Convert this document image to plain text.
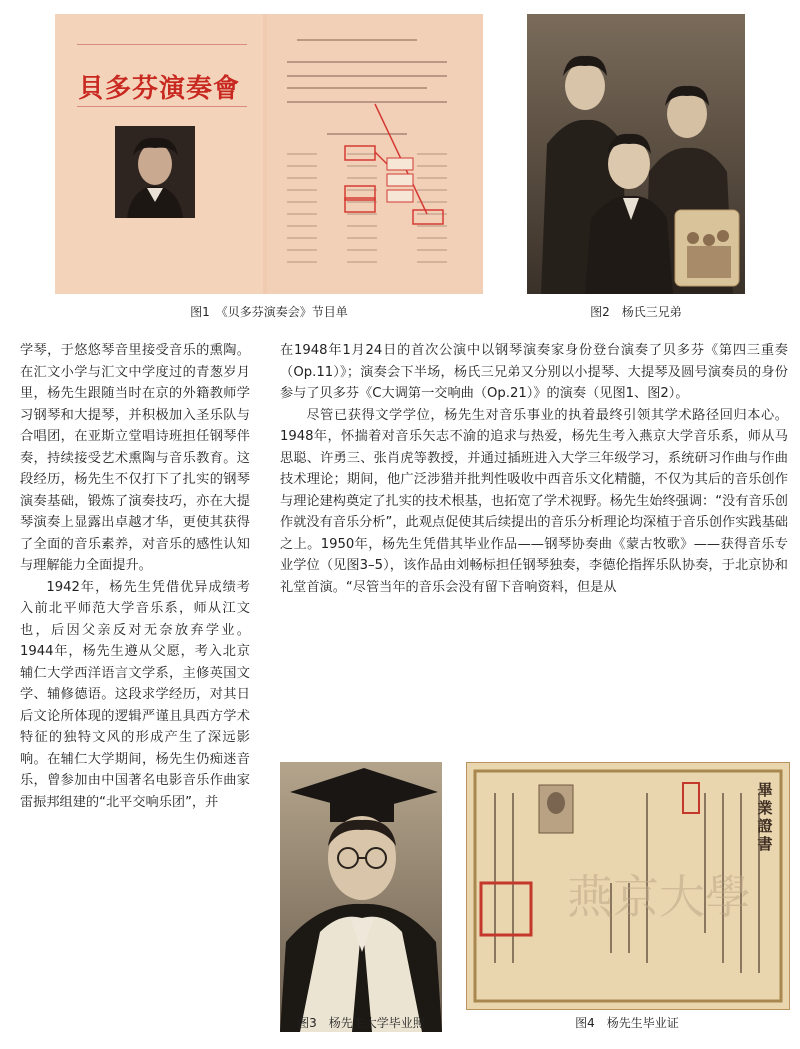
貝多芬演奏會
图1　《贝多芬演奏会》节目单	图2　杨氏三兄弟

学琴，于悠悠琴音里接受音乐的熏陶。在汇文小学与汇文中学度过的青葱岁月里，杨先生跟随当时在京的外籍教师学习钢琴和大提琴，并积极加入圣乐队与合唱团，在亚斯立堂唱诗班担任钢琴伴奏，持续接受艺术熏陶与音乐教育。这段经历，杨先生不仅打下了扎实的钢琴演奏基础，锻炼了演奏技巧，亦在大提琴演奏上显露出卓越才华，更使其获得了全面的音乐素养，对音乐的感性认知与理解能力全面提升。

1942年，杨先生凭借优异成绩考入前北平师范大学音乐系，师从江文也，后因父亲反对无奈放弃学业。1944年，杨先生遵从父愿，考入北京辅仁大学西洋语言文学系，主修英国文学、辅修德语。这段求学经历，对其日后文论所体现的逻辑严谨且具西方学术特征的独特文风的形成产生了深远影响。在辅仁大学期间，杨先生仍痴迷音乐，曾参加由中国著名电影音乐作曲家雷振邦组建的“北平交响乐团”，并

在1948年1月24日的首次公演中以钢琴演奏家身份登台演奏了贝多芬《第四三重奏（Op.11）》；演奏会下半场，杨氏三兄弟又分别以小提琴、大提琴及圆号演奏员的身份参与了贝多芬《C大调第一交响曲（Op.21）》的演奏（见图1、图2）。

尽管已获得文学学位，杨先生对音乐事业的执着最终引领其学术路径回归本心。1948年，怀揣着对音乐矢志不渝的追求与热爱，杨先生考入燕京大学音乐系，师从马思聪、许勇三、张肖虎等教授，并通过插班进入大学三年级学习，系统研习作曲与作曲技术理论；期间，他广泛涉猎并批判性吸收中西音乐文化精髓，不仅为其后的音乐创作与理论建构奠定了扎实的技术根基，也拓宽了学术视野。杨先生始终强调：“没有音乐创作就没有音乐分析”，此观点促使其后续提出的音乐分析理论均深植于音乐创作实践基础之上。1950年，杨先生凭借其毕业作品——钢琴协奏曲《蒙古牧歌》——获得音乐专业学位（见图3–5），该作品由刘畅标担任钢琴独奏，李德伦指挥乐队协奏，于北京协和礼堂首演。“尽管当年的音乐会没有留下音响资料，但是从

图3　杨先生大学毕业照
燕京大學
畢業證書
图4　杨先生毕业证
